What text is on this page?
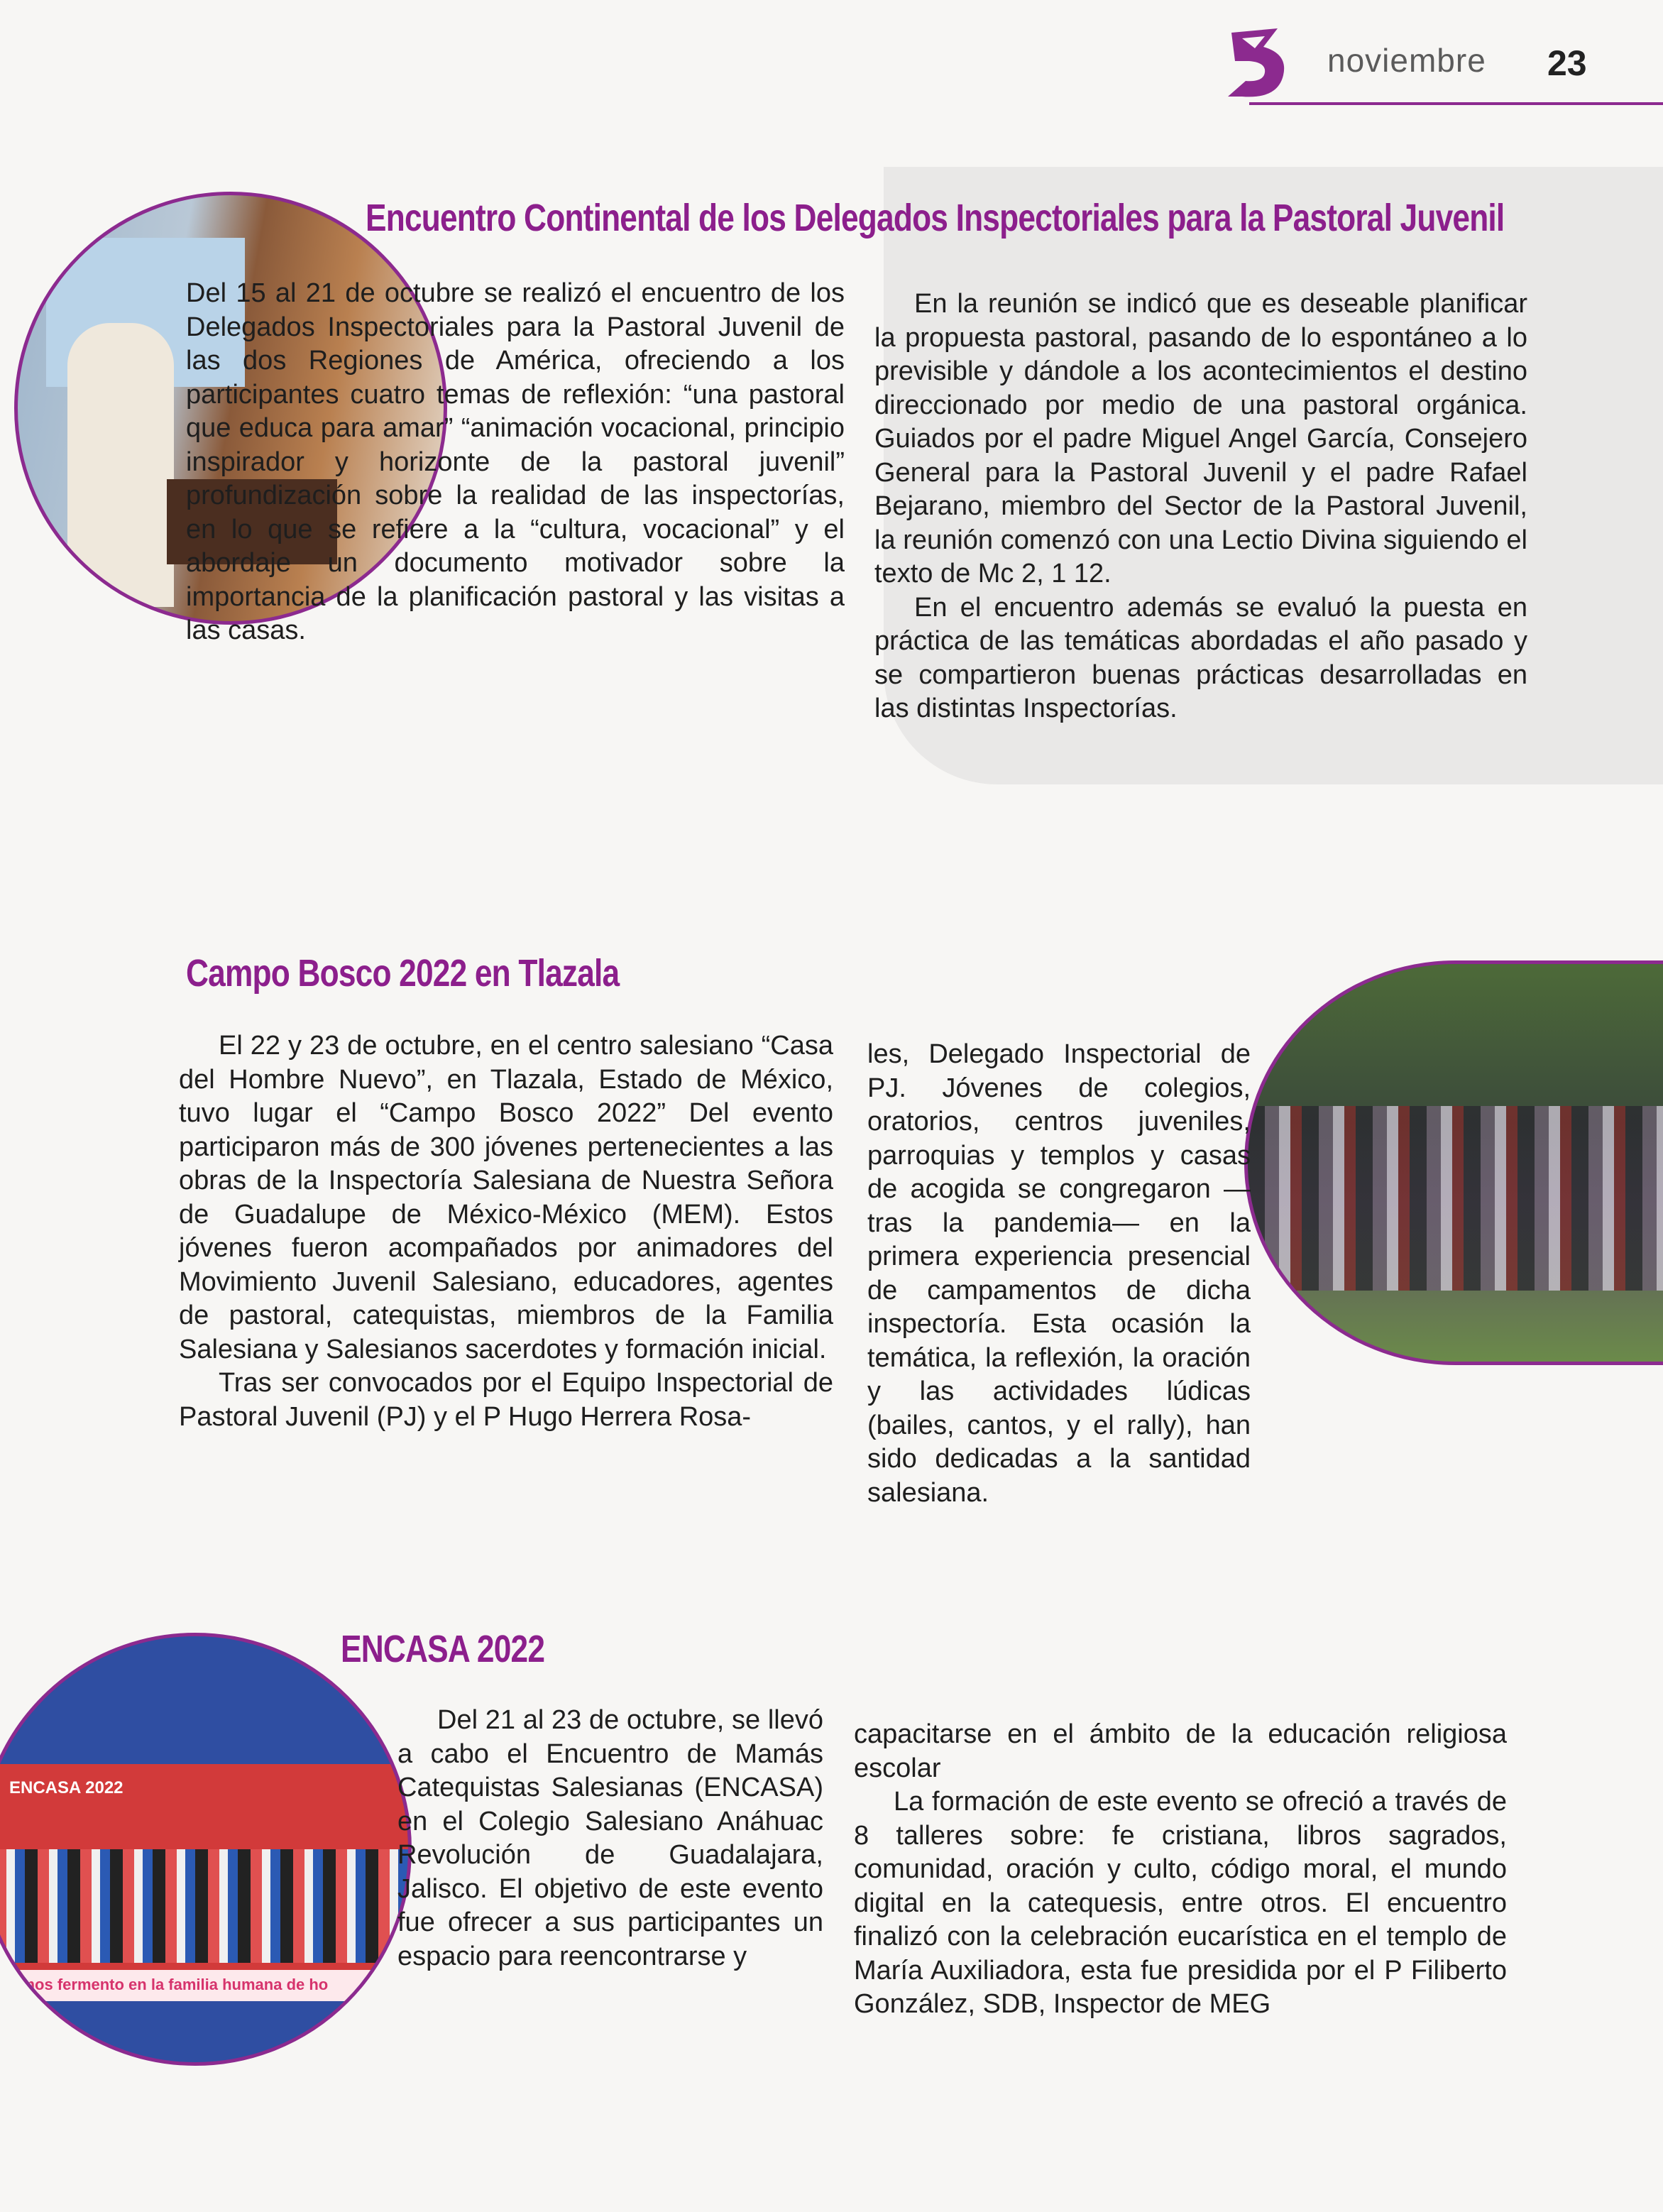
noviembre 23
Encuentro Continental de los Delegados Inspectoriales para la Pastoral Juvenil

Del 15 al 21 de octubre se realizó el encuentro de los Delegados Inspectoriales para la Pastoral Juvenil de las dos Regiones de América, ofreciendo a los participantes cuatro temas de reflexión: “una pastoral que educa para amar” “animación vocacional, principio inspirador y horizonte de la pastoral juvenil” profundización sobre la realidad de las inspectorías, en lo que se refiere a la “cultura, vocacional” y el abordaje un documento motivador sobre la importancia de la planificación pastoral y las visitas a las casas.

En la reunión se indicó que es deseable planificar la propuesta pastoral, pasando de lo espontáneo a lo previsible y dándole a los acontecimientos el destino direccionado por medio de una pastoral orgánica. Guiados por el padre Miguel Angel García, Consejero General para la Pastoral Juvenil y el padre Rafael Bejarano, miembro del Sector de la Pastoral Juvenil, la reunión comenzó con una Lectio Divina siguiendo el texto de Mc 2, 1 12.

En el encuentro además se evaluó la puesta en práctica de las temáticas abordadas el año pasado y se compartieron buenas prácticas desarrolladas en las distintas Inspectorías.

Campo Bosco 2022 en Tlazala

El 22 y 23 de octubre, en el centro salesiano “Casa del Hombre Nuevo”, en Tlazala, Estado de México, tuvo lugar el “Campo Bosco 2022” Del evento participaron más de 300 jóvenes pertenecientes a las obras de la Inspectoría Salesiana de Nuestra Señora de Guadalupe de México-México (MEM). Estos jóvenes fueron acompañados por animadores del Movimiento Juvenil Salesiano, educadores, agentes de pastoral, catequistas, miembros de la Familia Salesiana y Salesianos sacerdotes y formación inicial.

Tras ser convocados por el Equipo Inspectorial de Pastoral Juvenil (PJ) y el P Hugo Herrera Rosa-

les, Delegado Inspectorial de PJ. Jóvenes de colegios, oratorios, centros juveniles, parroquias y templos y casas de acogida se congregaron —tras la pandemia— en la primera experiencia presencial de campamentos de dicha inspectoría. Esta ocasión la temática, la reflexión, la oración y las actividades lúdicas (bailes, cantos, y el rally), han sido dedicadas a la santidad salesiana.

ENCASA 2022
ENCASA 2022
eamos fermento en la familia humana de ho

Del 21 al 23 de octubre, se llevó a cabo el Encuentro de Mamás Catequistas Salesianas (ENCASA) en el Colegio Salesiano Anáhuac Revolución de Guadalajara, Jalisco. El objetivo de este evento fue ofrecer a sus participantes un espacio para reencontrarse y

capacitarse en el ámbito de la educación religiosa escolar

La formación de este evento se ofreció a través de 8 talleres sobre: fe cristiana, libros sagrados, comunidad, oración y culto, código moral, el mundo digital en la catequesis, entre otros. El encuentro finalizó con la celebración eucarística en el templo de María Auxiliadora, esta fue presidida por el P Filiberto González, SDB, Inspector de MEG
